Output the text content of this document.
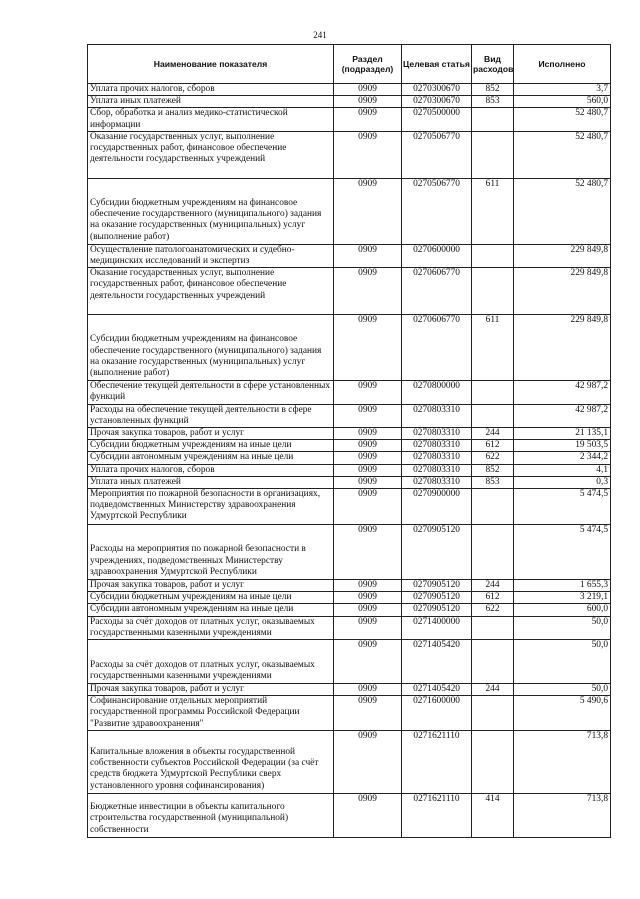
241
Наименование показателя	Раздел (подраздел)	Целевая статья	Вид расходов	Исполнено
Уплата прочих налогов, сборов	0909	0270300670	852	3,7
Уплата иных платежей	0909	0270300670	853	560,0
Сбор, обработка и анализ медико-статистической информации	0909	0270500000		52 480,7
Оказание государственных услуг, выполнение государственных работ, финансовое обеспечение деятельности государственных учреждений	0909	0270506770		52 480,7
Субсидии бюджетным учреждениям на финансовое обеспечение государственного (муниципального) задания на оказание государственных (муниципальных) услуг (выполнение работ)	0909	0270506770	611	52 480,7
Осуществление патологоанатомических и судебно-медицинских исследований и экспертиз	0909	0270600000		229 849,8
Оказание государственных услуг, выполнение государственных работ, финансовое обеспечение деятельности государственных учреждений	0909	0270606770		229 849,8
Субсидии бюджетным учреждениям на финансовое обеспечение государственного (муниципального) задания на оказание государственных (муниципальных) услуг (выполнение работ)	0909	0270606770	611	229 849,8
Обеспечение текущей деятельности в сфере установленных функций	0909	0270800000		42 987,2
Расходы на обеспечение текущей деятельности в сфере установленных функций	0909	0270803310		42 987,2
Прочая закупка товаров, работ и услуг	0909	0270803310	244	21 135,1
Субсидии бюджетным учреждениям на иные цели	0909	0270803310	612	19 503,5
Субсидии автономным учреждениям на иные цели	0909	0270803310	622	2 344,2
Уплата прочих налогов, сборов	0909	0270803310	852	4,1
Уплата иных платежей	0909	0270803310	853	0,3
Мероприятия по пожарной безопасности в организациях, подведомственных Министерству здравоохранения Удмуртской Республики	0909	0270900000		5 474,5
Расходы на мероприятия по пожарной безопасности в учреждениях, подведомственных Министерству здравоохранения Удмуртской Республики	0909	0270905120		5 474,5
Прочая закупка товаров, работ и услуг	0909	0270905120	244	1 655,3
Субсидии бюджетным учреждениям на иные цели	0909	0270905120	612	3 219,1
Субсидии автономным учреждениям на иные цели	0909	0270905120	622	600,0
Расходы за счёт доходов от платных услуг, оказываемых государственными казенными учреждениями	0909	0271400000		50,0
Расходы за счёт доходов от платных услуг, оказываемых государственными казенными учреждениями	0909	0271405420		50,0
Прочая закупка товаров, работ и услуг	0909	0271405420	244	50,0
Софинансирование отдельных мероприятий государственной программы Российской Федерации "Развитие здравоохранения"	0909	0271600000		5 490,6
Капитальные вложения в объекты государственной собственности субъектов Российской Федерации (за счёт средств бюджета Удмуртской Республики сверх установленного уровня софинансирования)	0909	0271621110		713,8
Бюджетные инвестиции в объекты капитального строительства государственной (муниципальной) собственности	0909	0271621110	414	713,8
